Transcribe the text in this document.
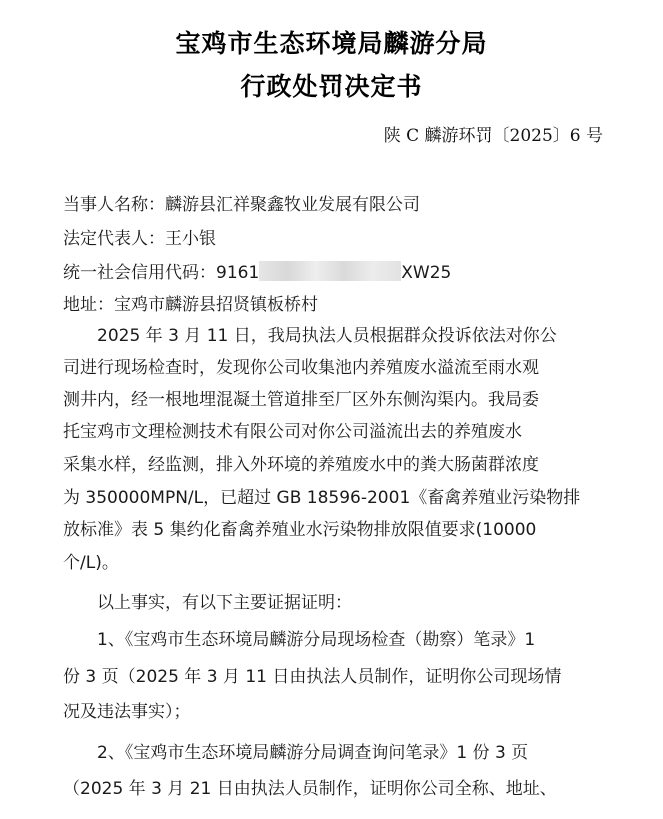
宝鸡市生态环境局麟游分局
行政处罚决定书
陕 C 麟游环罚〔2025〕6 号
当事人名称：麟游县汇祥聚鑫牧业发展有限公司
法定代表人：王小银
统一社会信用代码：9161	XW25
地址：宝鸡市麟游县招贤镇板桥村
2025 年 3 月 11 日，我局执法人员根据群众投诉依法对你公
司进行现场检查时，发现你公司收集池内养殖废水溢流至雨水观
测井内，经一根地埋混凝土管道排至厂区外东侧沟渠内。我局委
托宝鸡市文理检测技术有限公司对你公司溢流出去的养殖废水
采集水样，经监测，排入外环境的养殖废水中的粪大肠菌群浓度
为 350000MPN/L，已超过 GB 18596-2001《畜禽养殖业污染物排
放标准》表 5 集约化畜禽养殖业水污染物排放限值要求(10000
个/L)。
以上事实，有以下主要证据证明：
1、《宝鸡市生态环境局麟游分局现场检查（勘察）笔录》1
份 3 页（2025 年 3 月 11 日由执法人员制作，证明你公司现场情
况及违法事实）；
2、《宝鸡市生态环境局麟游分局调查询问笔录》1 份 3 页
（2025 年 3 月 21 日由执法人员制作，证明你公司全称、地址、
